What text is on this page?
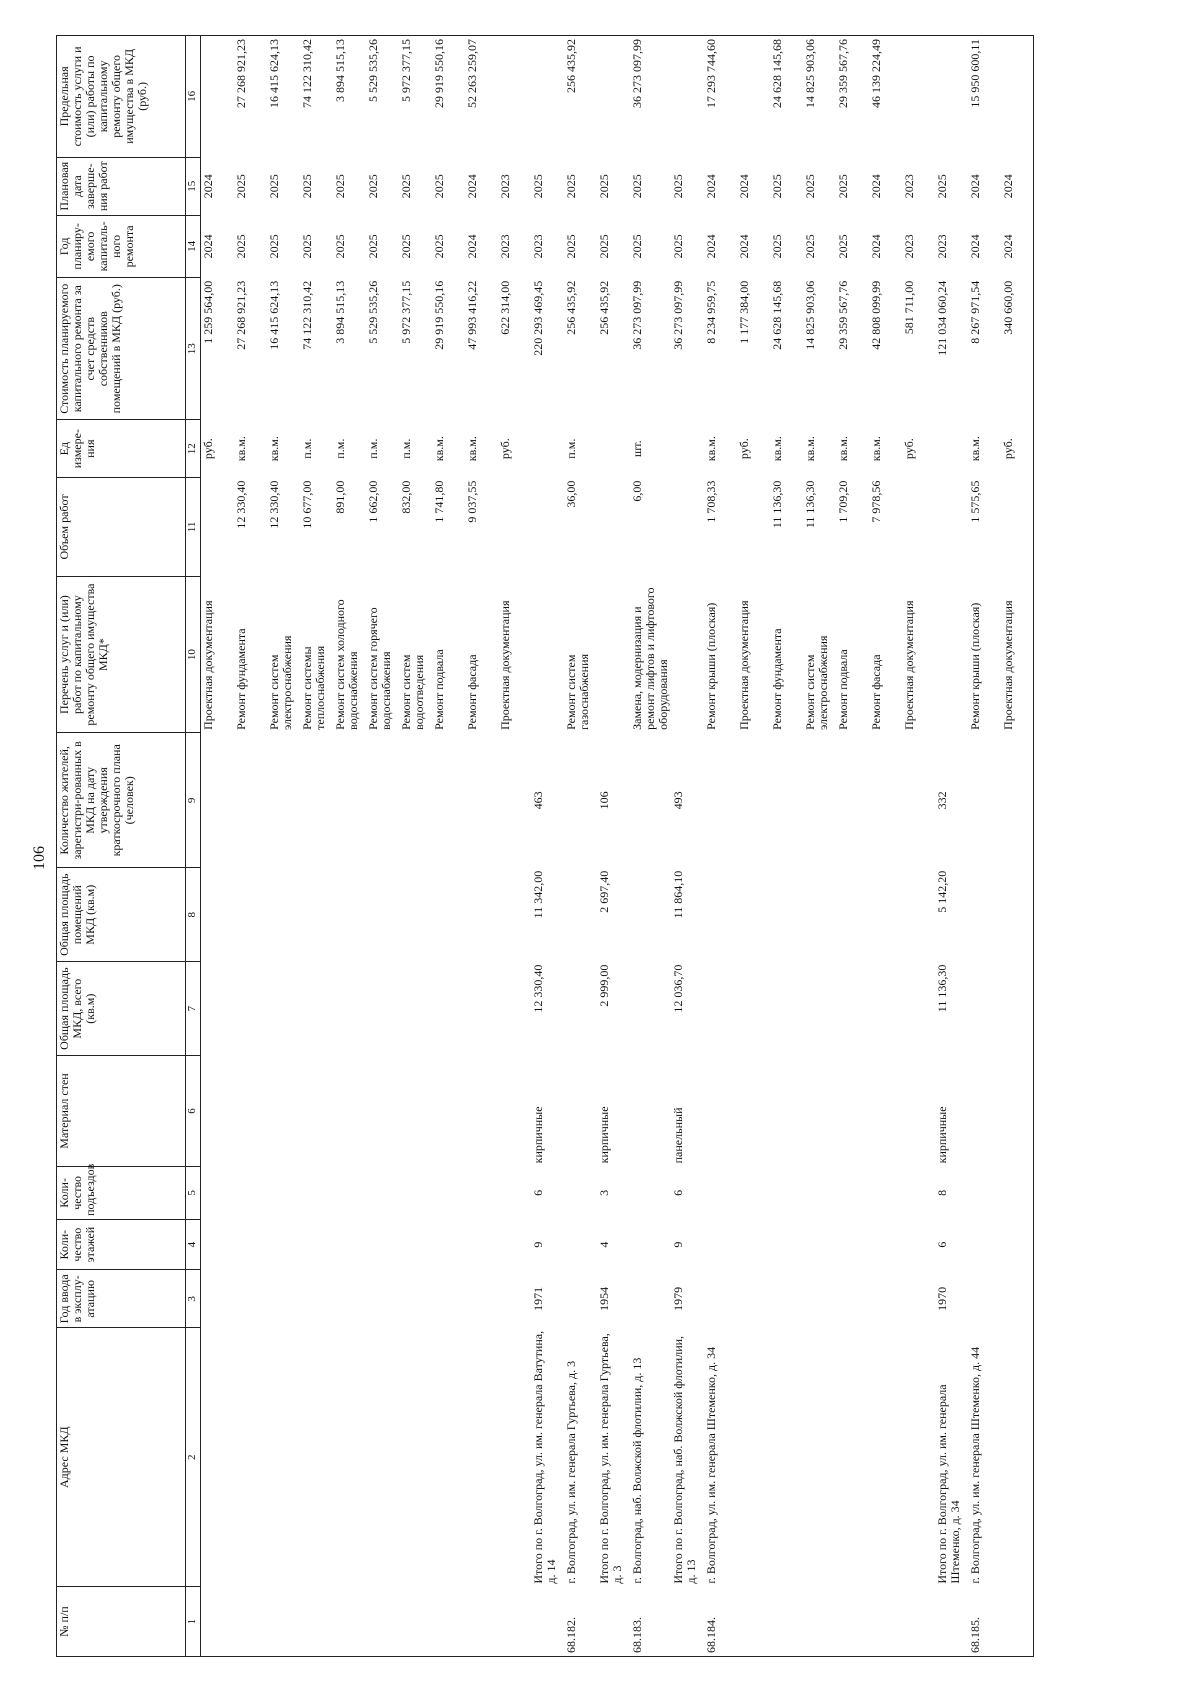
106
№ п/п	Адрес МКД	Год ввода в эксплу-атацию	Коли-чество этажей	Коли-чество подъездов	Материал стен	Общая площадь МКД, всего (кв.м)	Общая площадь помещений МКД (кв.м)	Количество жителей, зарегистри-рованных в МКД на дату утверждения краткосрочного плана (человек)	Перечень услуг и (или) работ по капитальному ремонту общего имущества МКД*	Объем работ	Ед измере-ния	Стоимость планируемого капитального ремонта за счет средств собственников помещений в МКД (руб.)	Год планиру-емого капиталь-ного ремонта	Плановая дата заверше-ния работ	Предельная стоимость услуги и (или) работы по капитальному ремонту общего имущества в МКД (руб.)
1	2	3	4	5	6	7	8	9	10	11	12	13	14	15	16
									Проектная документация		руб.	1 259 564,00	2024	2024	
									Ремонт фундамента	12 330,40	кв.м.	27 268 921,23	2025	2025	27 268 921,23
									Ремонт систем электроснабжения	12 330,40	кв.м.	16 415 624,13	2025	2025	16 415 624,13
									Ремонт системы теплоснабжения	10 677,00	п.м.	74 122 310,42	2025	2025	74 122 310,42
									Ремонт систем холодного водоснабжения	891,00	п.м.	3 894 515,13	2025	2025	3 894 515,13
									Ремонт систем горячего водоснабжения	1 662,00	п.м.	5 529 535,26	2025	2025	5 529 535,26
									Ремонт систем водоотведения	832,00	п.м.	5 972 377,15	2025	2025	5 972 377,15
									Ремонт подвала	1 741,80	кв.м.	29 919 550,16	2025	2025	29 919 550,16
									Ремонт фасада	9 037,55	кв.м.	47 993 416,22	2024	2024	52 263 259,07
									Проектная документация		руб.	622 314,00	2023	2023	
	Итого по г. Волгоград, ул. им. генерала Ватутина, д. 14	1971	9	6	кирпичные	12 330,40	11 342,00	463				220 293 469,45	2023	2025	
68.182.	г. Волгоград, ул. им. генерала Гуртьева, д. 3								Ремонт систем газоснабжения	36,00	п.м.	256 435,92	2025	2025	256 435,92
	Итого по г. Волгоград, ул. им. генерала Гуртьева, д. 3	1954	4	3	кирпичные	2 999,00	2 697,40	106				256 435,92	2025	2025	
68.183.	г. Волгоград, наб. Волжской флотилии, д. 13								Замена, модернизация и ремонт лифтов и лифтового оборудования	6,00	шт.	36 273 097,99	2025	2025	36 273 097,99
	Итого по г. Волгоград, наб. Волжской флотилии, д. 13	1979	9	6	панельный	12 036,70	11 864,10	493				36 273 097,99	2025	2025	
68.184.	г. Волгоград, ул. им. генерала Штеменко, д. 34								Ремонт крыши (плоская)	1 708,33	кв.м.	8 234 959,75	2024	2024	17 293 744,60
									Проектная документация		руб.	1 177 384,00	2024	2024	
									Ремонт фундамента	11 136,30	кв.м.	24 628 145,68	2025	2025	24 628 145,68
									Ремонт систем электроснабжения	11 136,30	кв.м.	14 825 903,06	2025	2025	14 825 903,06
									Ремонт подвала	1 709,20	кв.м.	29 359 567,76	2025	2025	29 359 567,76
									Ремонт фасада	7 978,56	кв.м.	42 808 099,99	2024	2024	46 139 224,49
									Проектная документация		руб.	581 711,00	2023	2023	
	Итого по г. Волгоград, ул. им. генерала Штеменко, д. 34	1970	6	8	кирпичные	11 136,30	5 142,20	332				121 034 060,24	2023	2025	
68.185.	г. Волгоград, ул. им. генерала Штеменко, д. 44								Ремонт крыши (плоская)	1 575,65	кв.м.	8 267 971,54	2024	2024	15 950 600,11
									Проектная документация		руб.	340 660,00	2024	2024	
